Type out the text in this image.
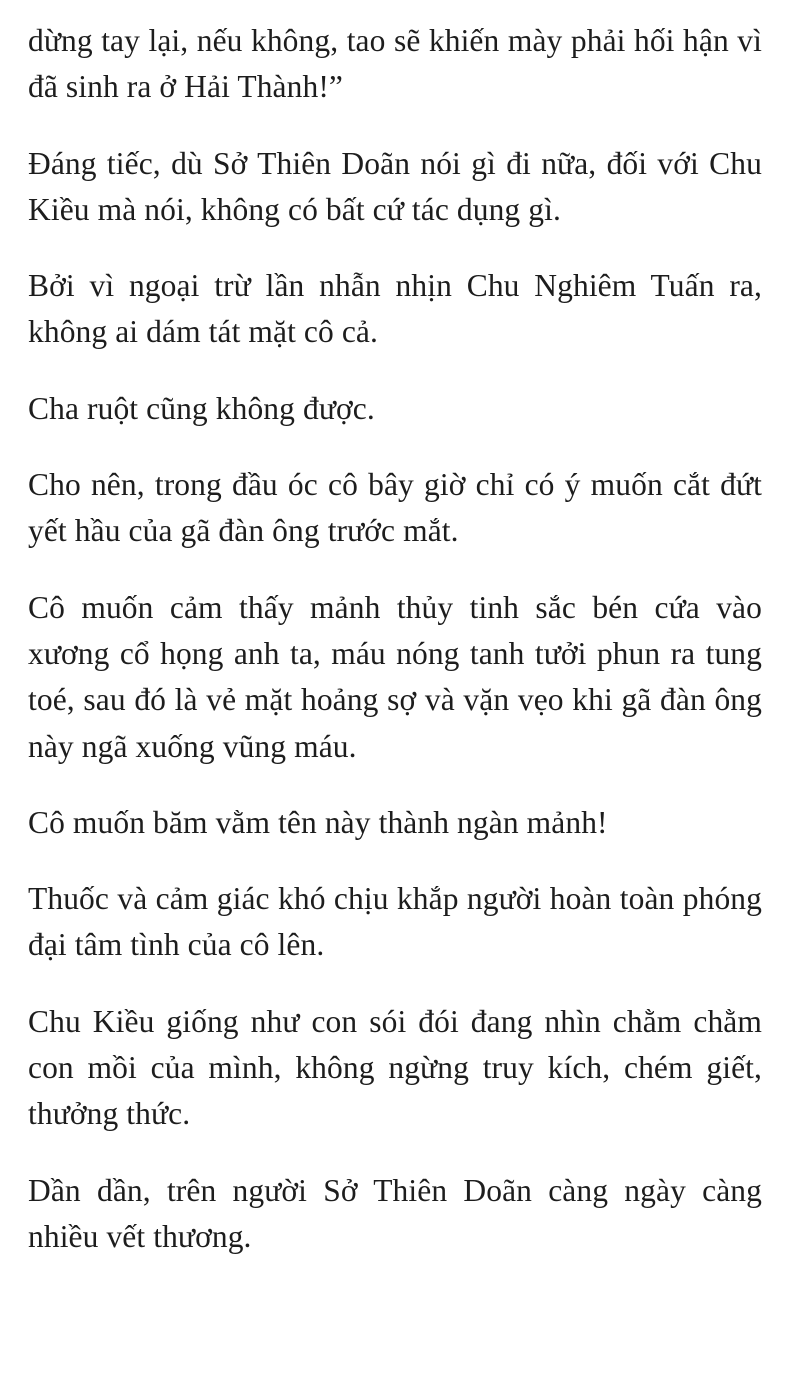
dừng tay lại, nếu không, tao sẽ khiến mày phải hối hận vì đã sinh ra ở Hải Thành!”

Đáng tiếc, dù Sở Thiên Doãn nói gì đi nữa, đối với Chu Kiều mà nói, không có bất cứ tác dụng gì.

Bởi vì ngoại trừ lần nhẫn nhịn Chu Nghiêm Tuấn ra, không ai dám tát mặt cô cả.

Cha ruột cũng không được.

Cho nên, trong đầu óc cô bây giờ chỉ có ý muốn cắt đứt yết hầu của gã đàn ông trước mắt.

Cô muốn cảm thấy mảnh thủy tinh sắc bén cứa vào xương cổ họng anh ta, máu nóng tanh tưởi phun ra tung toé, sau đó là vẻ mặt hoảng sợ và vặn vẹo khi gã đàn ông này ngã xuống vũng máu.

Cô muốn băm vằm tên này thành ngàn mảnh!

Thuốc và cảm giác khó chịu khắp người hoàn toàn phóng đại tâm tình của cô lên.

Chu Kiều giống như con sói đói đang nhìn chằm chằm con mồi của mình, không ngừng truy kích, chém giết, thưởng thức.

Dần dần, trên người Sở Thiên Doãn càng ngày càng nhiều vết thương.
